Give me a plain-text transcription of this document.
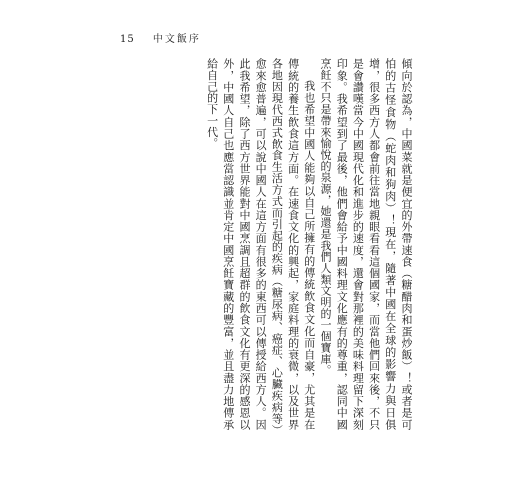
15 中文飯序

傾向於認為，中國菜就是便宜的外帶速食（糖醋肉和蛋炒飯）！或者是可怕的古怪食物（蛇肉和狗肉）！現在，隨著中國在全球的影響力與日俱增，很多西方人都會前往當地親眼看看這個國家，而當他們回來後，不只是會讚嘆當今中國現代化和進步的速度，還會對那裡的美味料理留下深刻印象。我希望到了最後，他們會給予中國料理文化應有的尊重，認同中國烹飪不只是帶來愉悅的泉源，她還是我們人類文明的一個寶庫。

我也希望中國人能夠以自己所擁有的傳統飲食文化而自豪，尤其是在傳統的養生飲食這方面。在速食文化的興起，家庭料理的衰微，以及世界各地因現代西式飲食生活方式而引起的疾病（糖尿病、癌症、心臟疾病等）愈來愈普遍，可以說中國人在這方面有很多的東西可以傳授給西方人。因此我希望，除了西方世界能對中國烹調且超群的飲食文化有更深的感恩以外，中國人自己也應當認識並肯定中國烹飪寶藏的豐富，並且盡力地傳承給自己的下一代。
